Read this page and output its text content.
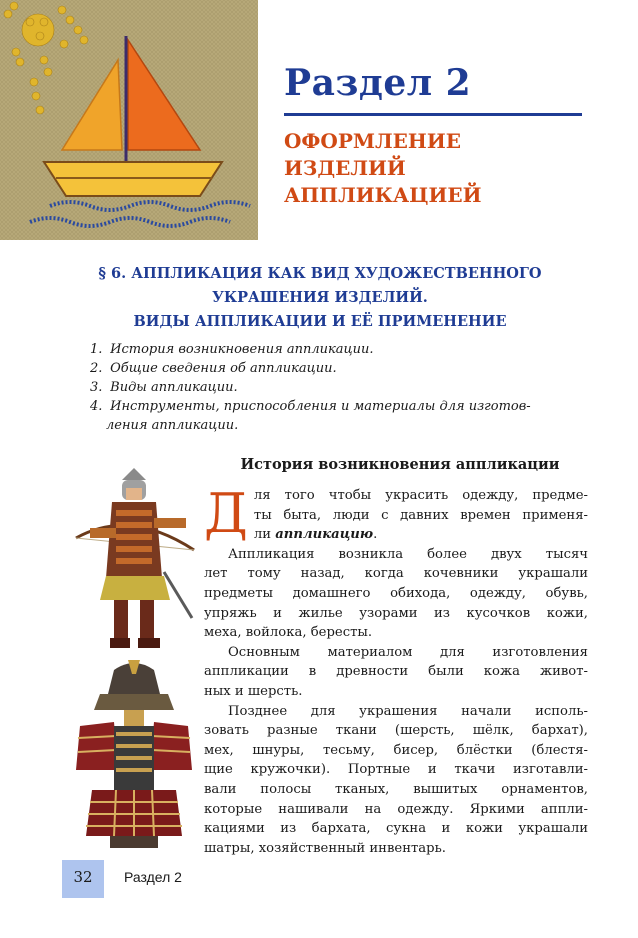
Раздел 2
ОФОРМЛЕНИЕ
ИЗДЕЛИЙ
АППЛИКАЦИЕЙ
§ 6. АППЛИКАЦИЯ КАК ВИД ХУДОЖЕСТВЕННОГО
УКРАШЕНИЯ ИЗДЕЛИЙ.
ВИДЫ АППЛИКАЦИИ И ЕЁ ПРИМЕНЕНИЕ
1. История возникновения аппликации.
2. Общие сведения об аппликации.
3. Виды аппликации.
4. Инструменты, приспособления и материалы для изготов-
ления аппликации.
История возникновения аппликации
Д ля того чтобы украсить одежду, предме-
ты быта, люди с давних времен применя-
ли аппликацию.
Аппликация возникла более двух тысяч
лет тому назад, когда кочевники украшали
предметы домашнего обихода, одежду, обувь,
упряжь и жилье узорами из кусочков кожи,
меха, войлока, бересты.
Основным материалом для изготовления
аппликации в древности были кожа живот-
ных и шерсть.
Позднее для украшения начали исполь-
зовать разные ткани (шерсть, шёлк, бархат),
мех, шнуры, тесьму, бисер, блёстки (блестя-
щие кружочки). Портные и ткачи изготавли-
вали полосы тканых, вышитых орнаментов,
которые нашивали на одежду. Яркими аппли-
кациями из бархата, сукна и кожи украшали
шатры, хозяйственный инвентарь.
32	Раздел 2
